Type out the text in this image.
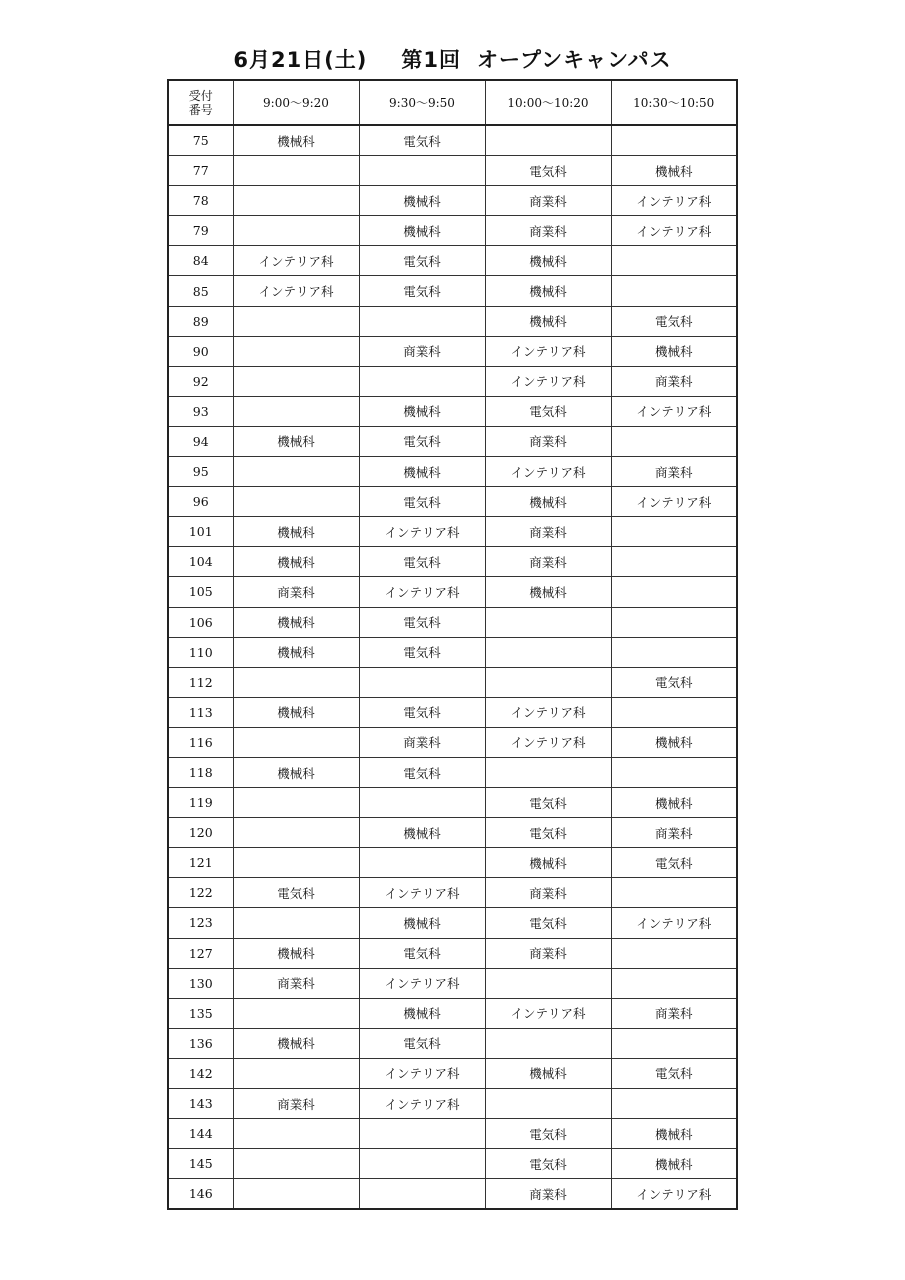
6月21日(土) 第1回 オープンキャンパス
受付
番号	9:00～9:20	9:30～9:50	10:00～10:20	10:30～10:50
75	機械科	電気科		
77			電気科	機械科
78		機械科	商業科	インテリア科
79		機械科	商業科	インテリア科
84	インテリア科	電気科	機械科	
85	インテリア科	電気科	機械科	
89			機械科	電気科
90		商業科	インテリア科	機械科
92			インテリア科	商業科
93		機械科	電気科	インテリア科
94	機械科	電気科	商業科	
95		機械科	インテリア科	商業科
96		電気科	機械科	インテリア科
101	機械科	インテリア科	商業科	
104	機械科	電気科	商業科	
105	商業科	インテリア科	機械科	
106	機械科	電気科		
110	機械科	電気科		
112				電気科
113	機械科	電気科	インテリア科	
116		商業科	インテリア科	機械科
118	機械科	電気科		
119			電気科	機械科
120		機械科	電気科	商業科
121			機械科	電気科
122	電気科	インテリア科	商業科	
123		機械科	電気科	インテリア科
127	機械科	電気科	商業科	
130	商業科	インテリア科		
135		機械科	インテリア科	商業科
136	機械科	電気科		
142		インテリア科	機械科	電気科
143	商業科	インテリア科		
144			電気科	機械科
145			電気科	機械科
146			商業科	インテリア科
